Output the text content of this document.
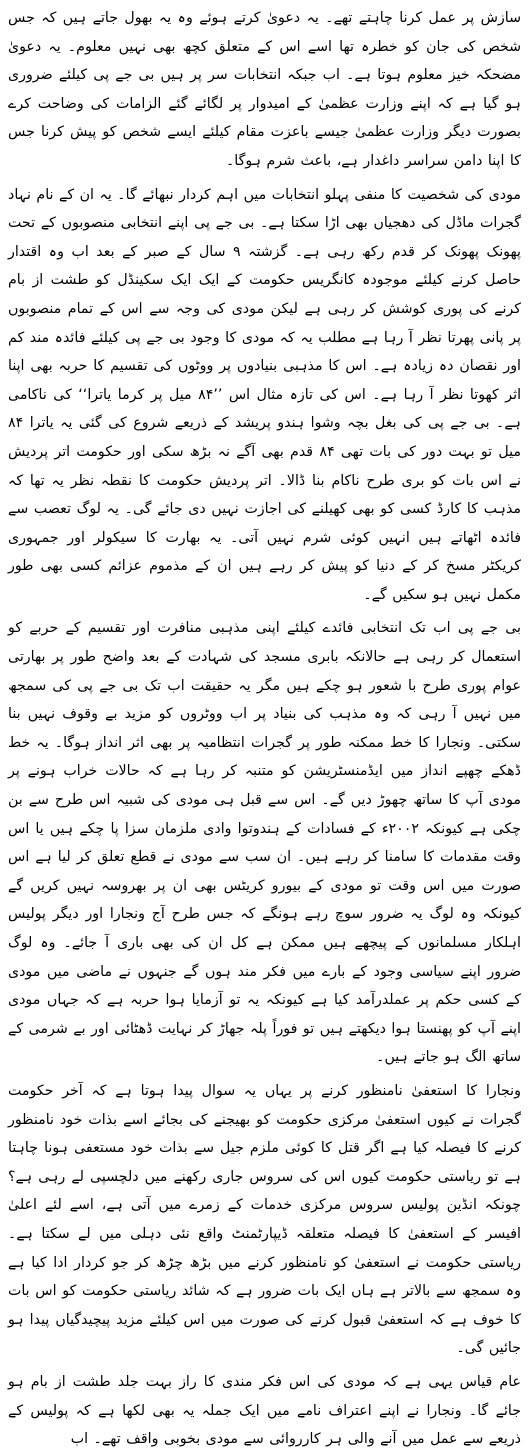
سازش پر عمل کرنا چاہتے تھے۔ یہ دعویٰ کرتے ہوئے وہ یہ بھول جاتے ہیں کہ جس شخص کی جان کو خطرہ تھا اسے اس کے متعلق کچھ بھی نہیں معلوم۔ یہ دعویٰ مضحکہ خیز معلوم ہوتا ہے۔ اب جبکہ انتخابات سر پر ہیں بی جے پی کیلئے ضروری ہو گیا ہے کہ اپنے وزارت عظمیٰ کے امیدوار پر لگائے گئے الزامات کی وضاحت کرے بصورت دیگر وزارت عظمیٰ جیسے باعزت مقام کیلئے ایسے شخص کو پیش کرنا جس کا اپنا دامن سراسر داغدار ہے، باعث شرم ہوگا۔

مودی کی شخصیت کا منفی پہلو انتخابات میں اہم کردار نبھائے گا۔ یہ ان کے نام نہاد گجرات ماڈل کی دھجیاں بھی اڑا سکتا ہے۔ بی جے پی اپنے انتخابی منصوبوں کے تحت پھونک پھونک کر قدم رکھ رہی ہے۔ گزشتہ ۹ سال کے صبر کے بعد اب وہ اقتدار حاصل کرنے کیلئے موجودہ کانگریس حکومت کے ایک ایک سکینڈل کو طشت از بام کرنے کی پوری کوشش کر رہی ہے لیکن مودی کی وجہ سے اس کے تمام منصوبوں پر پانی پھرتا نظر آ رہا ہے مطلب یہ کہ مودی کا وجود بی جے پی کیلئے فائدہ مند کم اور نقصان دہ زیادہ ہے۔ اس کا مذہبی بنیادوں پر ووٹوں کی تقسیم کا حربہ بھی اپنا اثر کھوتا نظر آ رہا ہے۔ اس کی تازہ مثال اس ’’۸۴ میل پر کرما یاترا‘‘ کی ناکامی ہے۔ بی جے پی کی بغل بچہ وشوا ہندو پریشد کے ذریعے شروع کی گئی یہ یاترا ۸۴ میل تو بہت دور کی بات تھی ۸۴ قدم بھی آگے نہ بڑھ سکی اور حکومت اتر پردیش نے اس بات کو بری طرح ناکام بنا ڈالا۔ اتر پردیش حکومت کا نقطہ نظر یہ تھا کہ مذہب کا کارڈ کسی کو بھی کھیلنے کی اجازت نہیں دی جائے گی۔ یہ لوگ تعصب سے فائدہ اٹھاتے ہیں انہیں کوئی شرم نہیں آتی۔ یہ بھارت کا سیکولر اور جمہوری کریکٹر مسخ کر کے دنیا کو پیش کر رہے ہیں ان کے مذموم عزائم کسی بھی طور مکمل نہیں ہو سکیں گے۔

بی جے پی اب تک انتخابی فائدے کیلئے اپنی مذہبی منافرت اور تقسیم کے حربے کو استعمال کر رہی ہے حالانکہ بابری مسجد کی شہادت کے بعد واضح طور پر بھارتی عوام پوری طرح با شعور ہو چکے ہیں مگر یہ حقیقت اب تک بی جے پی کی سمجھ میں نہیں آ رہی کہ وہ مذہب کی بنیاد پر اب ووٹروں کو مزید بے وقوف نہیں بنا سکتی۔ ونجارا کا خط ممکنہ طور پر گجرات انتظامیہ پر بھی اثر انداز ہوگا۔ یہ خط ڈھکے چھپے انداز میں ایڈمنسٹریشن کو متنبہ کر رہا ہے کہ حالات خراب ہونے پر مودی آپ کا ساتھ چھوڑ دیں گے۔ اس سے قبل ہی مودی کی شبیہ اس طرح سے بن چکی ہے کیونکہ ۲۰۰۲ء کے فسادات کے ہندوتوا وادی ملزمان سزا پا چکے ہیں یا اس وقت مقدمات کا سامنا کر رہے ہیں۔ ان سب سے مودی نے قطع تعلق کر لیا ہے اس صورت میں اس وقت تو مودی کے بیورو کریٹس بھی ان پر بھروسہ نہیں کریں گے کیونکہ وہ لوگ یہ ضرور سوچ رہے ہونگے کہ جس طرح آج ونجارا اور دیگر پولیس اہلکار مسلمانوں کے پیچھے ہیں ممکن ہے کل ان کی بھی باری آ جائے۔ وہ لوگ ضرور اپنے سیاسی وجود کے بارے میں فکر مند ہوں گے جنہوں نے ماضی میں مودی کے کسی حکم پر عملدرآمد کیا ہے کیونکہ یہ تو آزمایا ہوا حربہ ہے کہ جہاں مودی اپنے آپ کو پھنستا ہوا دیکھتے ہیں تو فوراً پلہ جھاڑ کر نہایت ڈھٹائی اور بے شرمی کے ساتھ الگ ہو جاتے ہیں۔

ونجارا کا استعفیٰ نامنظور کرنے پر یہاں یہ سوال پیدا ہوتا ہے کہ آخر حکومت گجرات نے کیوں استعفیٰ مرکزی حکومت کو بھیجنے کی بجائے اسے بذات خود نامنظور کرنے کا فیصلہ کیا ہے اگر قتل کا کوئی ملزم جیل سے بذات خود مستعفی ہونا چاہتا ہے تو ریاستی حکومت کیوں اس کی سروس جاری رکھنے میں دلچسپی لے رہی ہے؟ چونکہ انڈین پولیس سروس مرکزی خدمات کے زمرے میں آتی ہے، اسے لئے اعلیٰ افیسر کے استعفیٰ کا فیصلہ متعلقہ ڈیپارٹمنٹ واقع نئی دہلی میں لے سکتا ہے۔ ریاستی حکومت نے استعفیٰ کو نامنظور کرنے میں بڑھ چڑھ کر جو کردار ادا کیا ہے وہ سمجھ سے بالاتر ہے ہاں ایک بات ضرور ہے کہ شائد ریاستی حکومت کو اس بات کا خوف ہے کہ استعفیٰ قبول کرنے کی صورت میں اس کیلئے مزید پیچیدگیاں پیدا ہو جائیں گی۔

عام قیاس یہی ہے کہ مودی کی اس فکر مندی کا راز بہت جلد طشت از بام ہو جائے گا۔ ونجارا نے اپنے اعتراف نامے میں ایک جملہ یہ بھی لکھا ہے کہ پولیس کے ذریعے سے عمل میں آنے والی ہر کارروائی سے مودی بخوبی واقف تھے۔ اب
